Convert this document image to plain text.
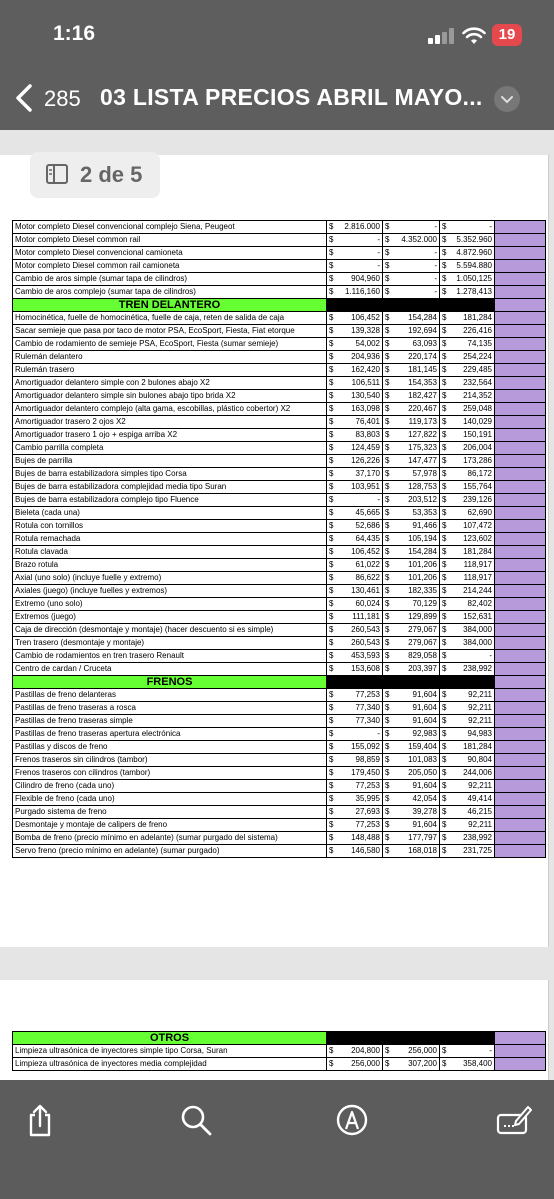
1:16	19
285 03 LISTA PRECIOS ABRIL MAYO...
2 de 5
Motor completo Diesel convencional complejo Siena, Peugeot	$ 2.816.000	$ -	$ -	
Motor completo Diesel common rail	$ -	$ 4.352.000	$ 5.352.960	
Motor completo Diesel convencional camioneta	$ -	$ -	$ 4.872.960	
Motor completo Diesel common rail camioneta	$ -	$ -	$ 5.594.880	
Cambio de aros simple (sumar tapa de cilindros)	$ 904,960	$ -	$ 1.050,125	
Cambio de aros complejo (sumar tapa de cilindros)	$ 1.116,160	$ -	$ 1.278,413	
TREN DELANTERO				
Homocinética, fuelle de homocinética, fuelle de caja, reten de salida de caja	$ 106,452	$ 154,284	$ 181,284	
Sacar semieje que pasa por taco de motor PSA, EcoSport, Fiesta, Fiat etorque	$ 139,328	$ 192,694	$ 226,416	
Cambio de rodamiento de semieje PSA, EcoSport, Fiesta (sumar semieje)	$ 54,002	$ 63,093	$ 74,135	
Rulemán delantero	$ 204,936	$ 220,174	$ 254,224	
Rulemán trasero	$ 162,420	$ 181,145	$ 229,485	
Amortiguador delantero simple con 2 bulones abajo X2	$ 106,511	$ 154,353	$ 232,564	
Amortiguador delantero simple sin bulones abajo tipo brida X2	$ 130,540	$ 182,427	$ 214,352	
Amortiguador delantero complejo (alta gama, escobillas, plástico cobertor) X2	$ 163,098	$ 220,467	$ 259,048	
Amortiguador trasero 2 ojos X2	$ 76,401	$ 119,173	$ 140,029	
Amortiguador trasero 1 ojo + espiga arriba X2	$ 83,803	$ 127,822	$ 150,191	
Cambio parrilla completa	$ 124,459	$ 175,323	$ 206,004	
Bujes de parrilla	$ 126,226	$ 147,477	$ 173,286	
Bujes de barra estabilizadora simples tipo Corsa	$ 37,170	$ 57,978	$ 86,172	
Bujes de barra estabilizadora complejidad media tipo Suran	$ 103,951	$ 128,753	$ 155,764	
Bujes de barra estabilizadora complejo tipo Fluence	$ -	$ 203,512	$ 239,126	
Bieleta (cada una)	$ 45,665	$ 53,353	$ 62,690	
Rotula con tornillos	$ 52,686	$ 91,466	$ 107,472	
Rotula remachada	$ 64,435	$ 105,194	$ 123,602	
Rotula clavada	$ 106,452	$ 154,284	$ 181,284	
Brazo rotula	$ 61,022	$ 101,206	$ 118,917	
Axial (uno solo) (incluye fuelle y extremo)	$ 86,622	$ 101,206	$ 118,917	
Axiales (juego) (incluye fuelles y extremos)	$ 130,461	$ 182,335	$ 214,244	
Extremo (uno solo)	$ 60,024	$ 70,129	$ 82,402	
Extremos (juego)	$ 111,181	$ 129,899	$ 152,631	
Caja de dirección (desmontaje y montaje) (hacer descuento si es simple)	$ 260,543	$ 279,067	$ 384,000	
Tren trasero (desmontaje y montaje)	$ 260,543	$ 279,067	$ 384,000	
Cambio de rodamientos en tren trasero Renault	$ 453,593	$ 829,058	$ -	
Centro de cardan / Cruceta	$ 153,608	$ 203,397	$ 238,992	
FRENOS				
Pastillas de freno delanteras	$ 77,253	$ 91,604	$ 92,211	
Pastillas de freno traseras a rosca	$ 77,340	$ 91,604	$ 92,211	
Pastillas de freno traseras simple	$ 77,340	$ 91,604	$ 92,211	
Pastillas de freno traseras apertura electrónica	$ -	$ 92,983	$ 94,983	
Pastillas y discos de freno	$ 155,092	$ 159,404	$ 181,284	
Frenos traseros sin cilindros (tambor)	$ 98,859	$ 101,083	$ 90,804	
Frenos traseros con cilindros (tambor)	$ 179,450	$ 205,050	$ 244,006	
Cilindro de freno (cada uno)	$ 77,253	$ 91,604	$ 92,211	
Flexible de freno (cada uno)	$ 35,995	$ 42,054	$ 49,414	
Purgado sistema de freno	$ 27,693	$ 39,278	$ 46,215	
Desmontaje y montaje de calipers de freno	$ 77,253	$ 91,604	$ 92,211	
Bomba de freno (precio mínimo en adelante) (sumar purgado del sistema)	$ 148,488	$ 177,797	$ 238,992	
Servo freno (precio mínimo en adelante) (sumar purgado)	$ 146,580	$ 168,018	$ 231,725	
OTROS				
Limpieza ultrasónica de inyectores simple tipo Corsa, Suran	$ 204,800	$ 256,000	$ -	
Limpieza ultrasónica de inyectores media complejidad	$ 256,000	$ 307,200	$ 358,400	
